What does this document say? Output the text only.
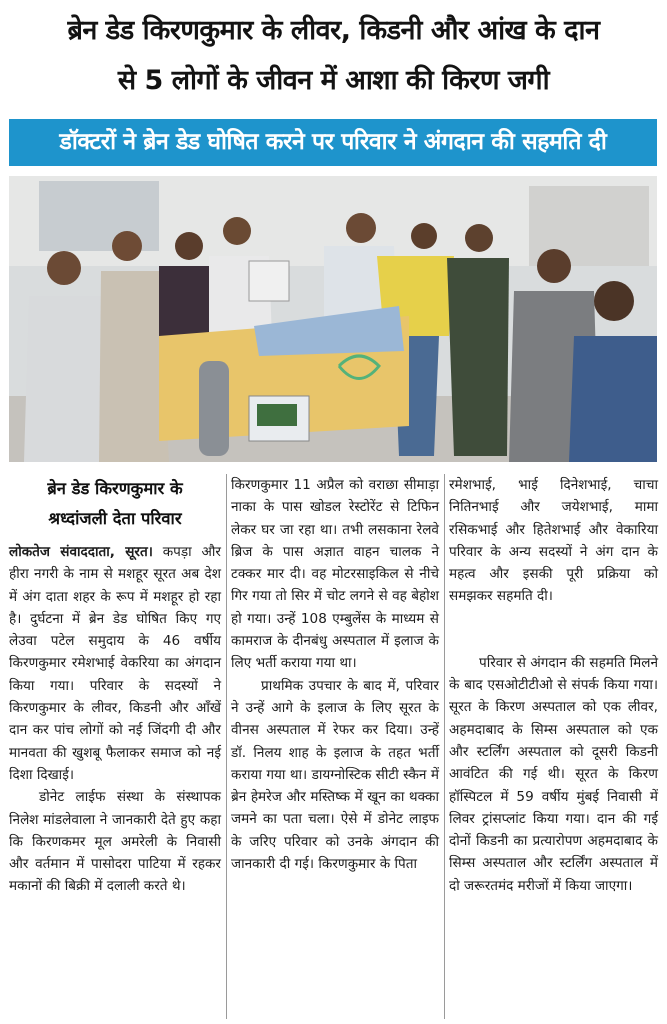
ब्रेन डेड किरणकुमार के लीवर, किडनी और आंख के दान
से 5 लोगों के जीवन में आशा की किरण जगी
डॉक्टरों ने ब्रेन डेड घोषित करने पर परिवार ने अंगदान की सहमति दी
ब्रेन डेड किरणकुमार के
श्रध्दांजली देता परिवार

लोकतेज संवाददाता, सूरत। कपड़ा और हीरा नगरी के नाम से मशहूर सूरत अब देश में अंग दाता शहर के रूप में मशहूर हो रहा है। दुर्घटना में ब्रेन डेड घोषित किए गए लेउवा पटेल समुदाय के 46 वर्षीय किरणकुमार रमेशभाई वेकरिया का अंगदान किया गया। परिवार के सदस्यों ने किरणकुमार के लीवर, किडनी और आँखें दान कर पांच लोगों को नई जिंदगी दी और मानवता की खुशबू फैलाकर समाज को नई दिशा दिखाई।

डोनेट लाईफ संस्था के संस्थापक निलेश मांडलेवाला ने जानकारी देते हुए कहा कि किरणकमर मूल अमरेली के निवासी और वर्तमान में पासोदरा पाटिया में रहकर मकानों की बिक्री में दलाली करते थे।

किरणकुमार 11 अप्रैल को वराछा सीमाड़ा नाका के पास खोडल रेस्टोरेंट से टिफिन लेकर घर जा रहा था। तभी लसकाना रेलवे ब्रिज के पास अज्ञात वाहन चालक ने टक्कर मार दी। वह मोटरसाइकिल से नीचे गिर गया तो सिर में चोट लगने से वह बेहोश हो गया। उन्हें 108 एम्बुलेंस के माध्यम से कामराज के दीनबंधु अस्पताल में इलाज के लिए भर्ती कराया गया था।

प्राथमिक उपचार के बाद में, परिवार ने उन्हें आगे के इलाज के लिए सूरत के वीनस अस्पताल में रेफर कर दिया। उन्हें डॉ. निलय शाह के इलाज के तहत भर्ती कराया गया था। डायग्नोस्टिक सीटी स्कैन में ब्रेन हेमरेज और मस्तिष्क में खून का थक्का जमने का पता चला। ऐसे में डोनेट लाइफ के जरिए परिवार को उनके अंगदान की जानकारी दी गई। किरणकुमार के पिता

रमेशभाई, भाई दिनेशभाई, चाचा नितिनभाई और जयेशभाई, मामा रसिकभाई और हितेशभाई और वेकारिया परिवार के अन्य सदस्यों ने अंग दान के महत्व और इसकी पूरी प्रक्रिया को समझकर सहमति दी।

परिवार से अंगदान की सहमति मिलने के बाद एसओटीटीओ से संपर्क किया गया। सूरत के किरण अस्पताल को एक लीवर, अहमदाबाद के सिम्स अस्पताल को एक और स्टर्लिंग अस्पताल को दूसरी किडनी आवंटित की गई थी। सूरत के किरण हॉस्पिटल में 59 वर्षीय मुंबई निवासी में लिवर ट्रांसप्लांट किया गया। दान की गई दोनों किडनी का प्रत्यारोपण अहमदाबाद के सिम्स अस्पताल और स्टर्लिंग अस्पताल में दो जरूरतमंद मरीजों में किया जाएगा।
